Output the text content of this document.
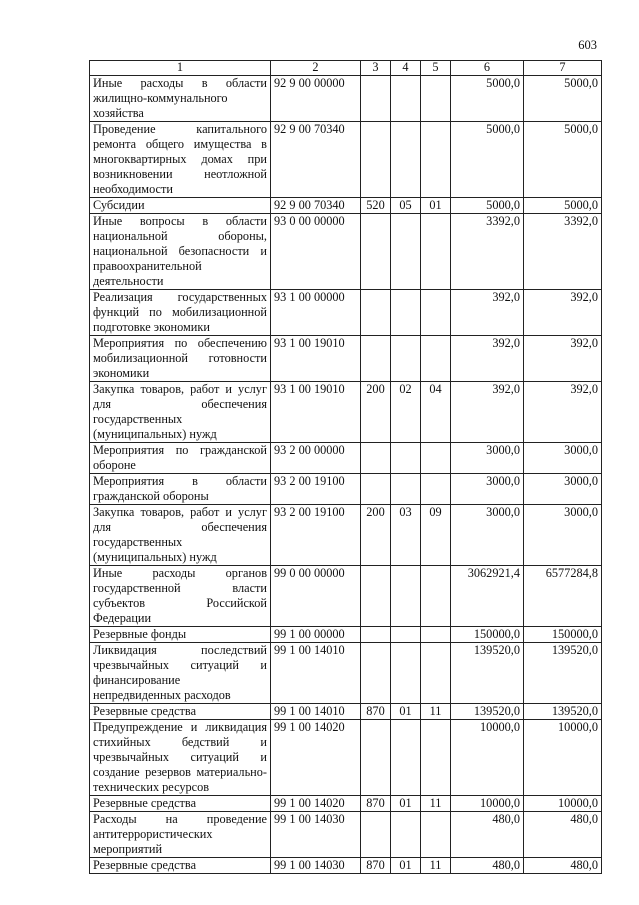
603
1	2	3	4	5	6	7
Иные расходы в области жилищно-коммунального хозяйства	92 9 00 00000				5000,0	5000,0
Проведение капитального ремонта общего имущества в многоквартирных домах при возникновении неотложной необходимости	92 9 00 70340				5000,0	5000,0
Субсидии	92 9 00 70340	520	05	01	5000,0	5000,0
Иные вопросы в области национальной обороны, национальной безопасности и правоохранительной деятельности	93 0 00 00000				3392,0	3392,0
Реализация государственных функций по мобилизационной подготовке экономики	93 1 00 00000				392,0	392,0
Мероприятия по обеспечению мобилизационной готовности экономики	93 1 00 19010				392,0	392,0
Закупка товаров, работ и услуг для обеспечения государственных (муниципальных) нужд	93 1 00 19010	200	02	04	392,0	392,0
Мероприятия по гражданской обороне	93 2 00 00000				3000,0	3000,0
Мероприятия в области гражданской обороны	93 2 00 19100				3000,0	3000,0
Закупка товаров, работ и услуг для обеспечения государственных (муниципальных) нужд	93 2 00 19100	200	03	09	3000,0	3000,0
Иные расходы органов государственной власти субъектов Российской Федерации	99 0 00 00000				3062921,4	6577284,8
Резервные фонды	99 1 00 00000				150000,0	150000,0
Ликвидация последствий чрезвычайных ситуаций и финансирование непредвиденных расходов	99 1 00 14010				139520,0	139520,0
Резервные средства	99 1 00 14010	870	01	11	139520,0	139520,0
Предупреждение и ликвидация стихийных бедствий и чрезвычайных ситуаций и создание резервов материально-технических ресурсов	99 1 00 14020				10000,0	10000,0
Резервные средства	99 1 00 14020	870	01	11	10000,0	10000,0
Расходы на проведение антитеррористических мероприятий	99 1 00 14030				480,0	480,0
Резервные средства	99 1 00 14030	870	01	11	480,0	480,0
